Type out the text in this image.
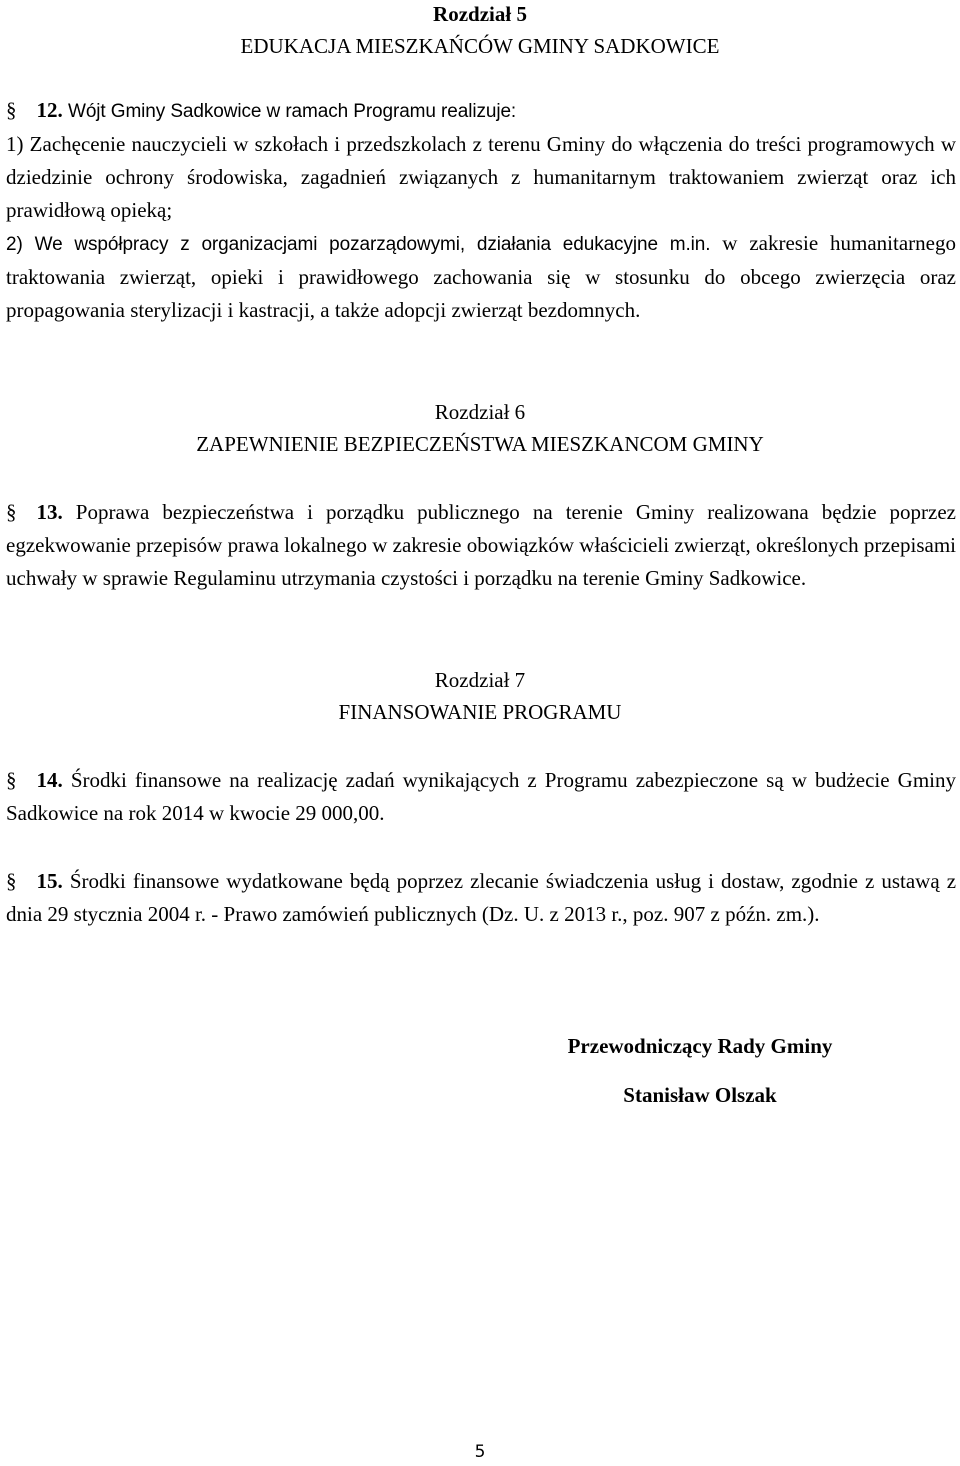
Rozdział 5
EDUKACJA MIESZKAŃCÓW GMINY SADKOWICE
§ 12. Wójt Gminy Sadkowice w ramach Programu realizuje:
1) Zachęcenie nauczycieli w szkołach i przedszkolach z terenu Gminy do włączenia do treści programowych w dziedzinie ochrony środowiska, zagadnień związanych z humanitarnym traktowaniem zwierząt oraz ich prawidłową opieką;
2) We współpracy z organizacjami pozarządowymi, działania edukacyjne m.in. w zakresie humanitarnego traktowania zwierząt, opieki i prawidłowego zachowania się w stosunku do obcego zwierzęcia oraz propagowania sterylizacji i kastracji, a także adopcji zwierząt bezdomnych.
Rozdział 6
ZAPEWNIENIE BEZPIECZEŃSTWA MIESZKANCOM GMINY
§ 13. Poprawa bezpieczeństwa i porządku publicznego na terenie Gminy realizowana będzie poprzez egzekwowanie przepisów prawa lokalnego w zakresie obowiązków właścicieli zwierząt, określonych przepisami uchwały w sprawie Regulaminu utrzymania czystości i porządku na terenie Gminy Sadkowice.
Rozdział 7
FINANSOWANIE PROGRAMU
§ 14. Środki finansowe na realizację zadań wynikających z Programu zabezpieczone są w budżecie Gminy Sadkowice na rok 2014 w kwocie 29 000,00.
§ 15. Środki finansowe wydatkowane będą poprzez zlecanie świadczenia usług i dostaw, zgodnie z ustawą z dnia 29 stycznia 2004 r. - Prawo zamówień publicznych (Dz. U. z 2013 r., poz. 907 z późn. zm.).
Przewodniczący Rady Gminy
Stanisław Olszak
5
